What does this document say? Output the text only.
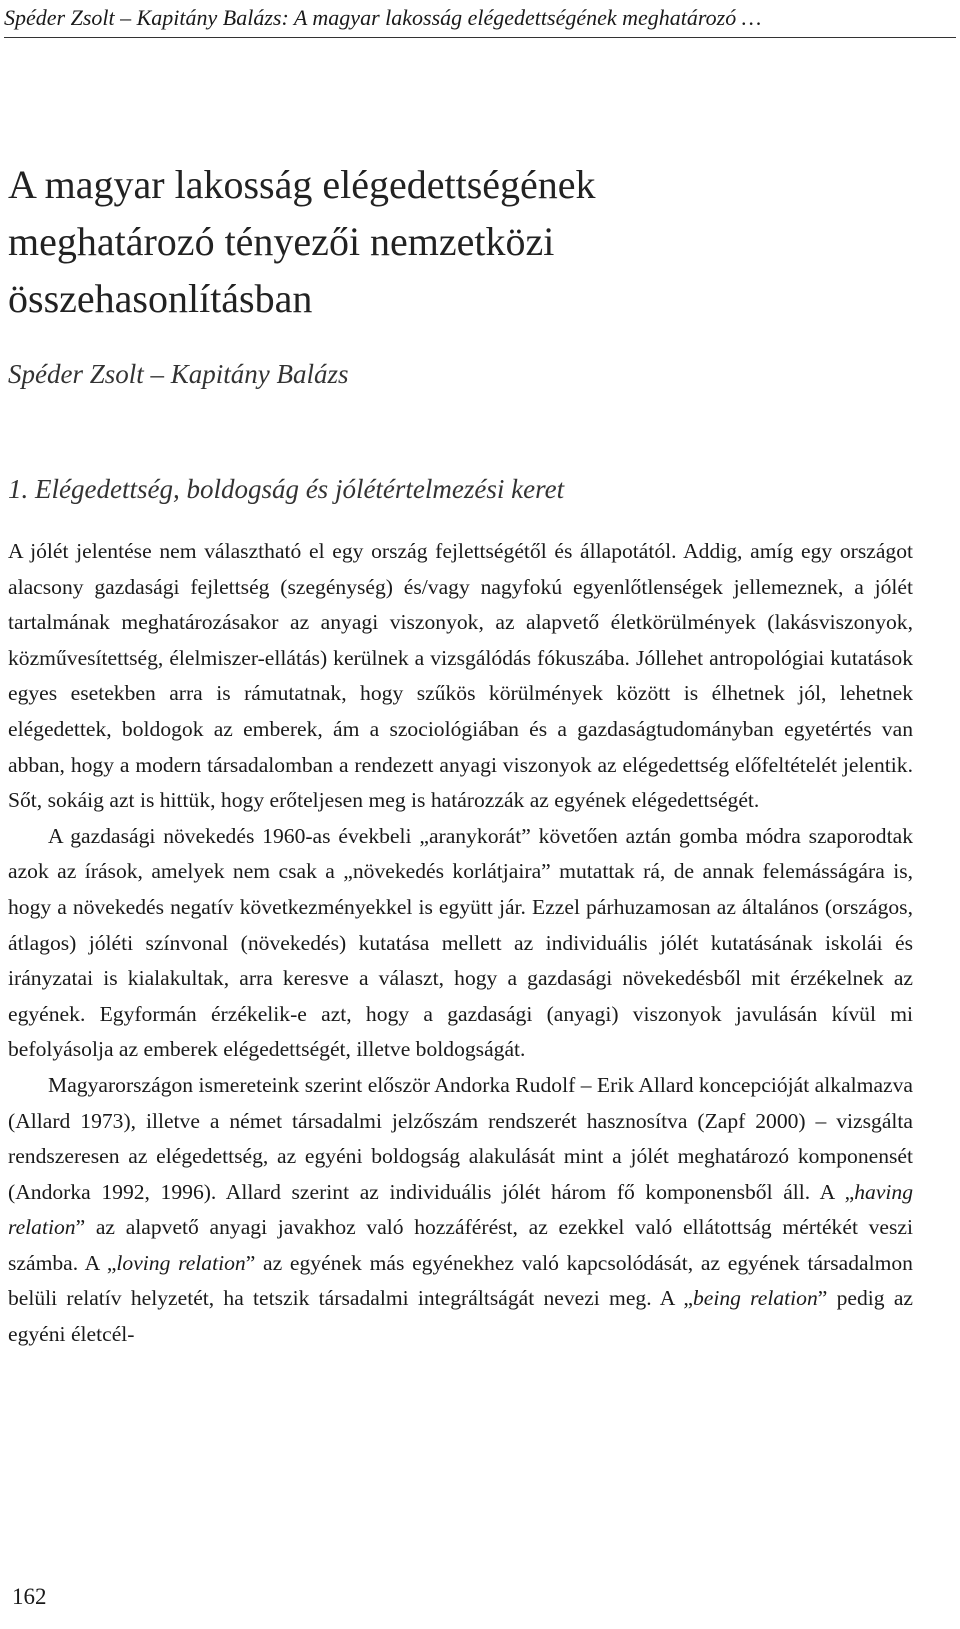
Spéder Zsolt – Kapitány Balázs: A magyar lakosság elégedettségének meghatározó …
A magyar lakosság elégedettségének
meghatározó tényezői nemzetközi
összehasonlításban
Spéder Zsolt – Kapitány Balázs
1. Elégedettség, boldogság és jólétértelmezési keret

A jólét jelentése nem választható el egy ország fejlettségétől és állapotától. Addig, amíg egy országot alacsony gazdasági fejlettség (szegénység) és/vagy nagyfokú egyenlőtlenségek jellemeznek, a jólét tartalmának meghatározásakor az anyagi viszonyok, az alapvető életkörülmények (lakásviszonyok, közművesítettség, élelmiszer-ellátás) kerülnek a vizsgálódás fókuszába. Jóllehet antropológiai kutatások egyes esetekben arra is rámutatnak, hogy szűkös körülmények között is élhetnek jól, lehetnek elégedettek, boldogok az emberek, ám a szociológiában és a gazdaságtudományban egyetértés van abban, hogy a modern társadalomban a rendezett anyagi viszonyok az elégedettség előfeltételét jelentik. Sőt, sokáig azt is hittük, hogy erőteljesen meg is határozzák az egyének elégedettségét.

A gazdasági növekedés 1960-as évekbeli „aranykorát” követően aztán gomba módra szaporodtak azok az írások, amelyek nem csak a „növekedés korlátjaira” mutattak rá, de annak felemásságára is, hogy a növekedés negatív következményekkel is együtt jár. Ezzel párhuzamosan az általános (országos, átlagos) jóléti színvonal (növekedés) kutatása mellett az individuális jólét kutatásának iskolái és irányzatai is kialakultak, arra keresve a választ, hogy a gazdasági növekedésből mit érzékelnek az egyének. Egyformán érzékelik-e azt, hogy a gazdasági (anyagi) viszonyok javulásán kívül mi befolyásolja az emberek elégedettségét, illetve boldogságát.

Magyarországon ismereteink szerint először Andorka Rudolf – Erik Allard koncepcióját alkalmazva (Allard 1973), illetve a német társadalmi jelzőszám rendszerét hasznosítva (Zapf 2000) – vizsgálta rendszeresen az elégedettség, az egyéni boldogság alakulását mint a jólét meghatározó komponensét (Andorka 1992, 1996). Allard szerint az individuális jólét három fő komponensből áll. A „having relation” az alapvető anyagi javakhoz való hozzáférést, az ezekkel való ellátottság mértékét veszi számba. A „loving relation” az egyének más egyénekhez való kapcsolódását, az egyének társadalmon belüli relatív helyzetét, ha tetszik társadalmi integráltságát nevezi meg. A „being relation” pedig az egyéni életcél-

162
